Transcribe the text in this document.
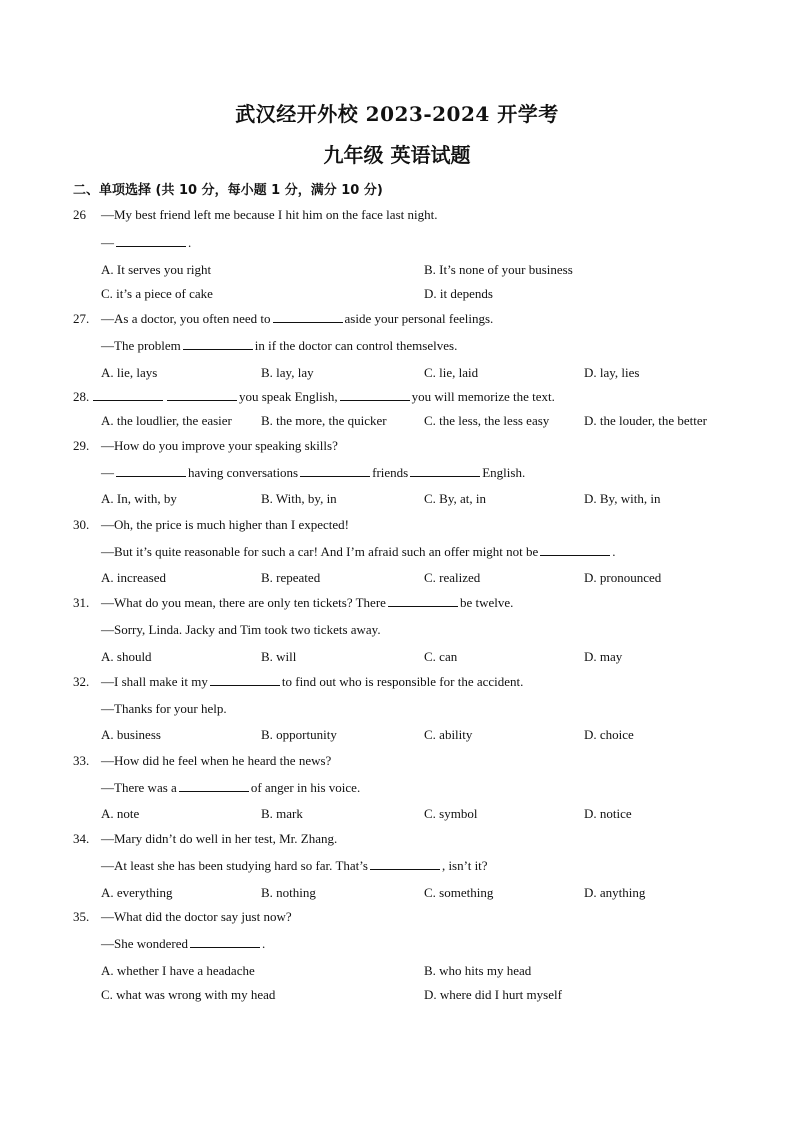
武汉经开外校 2023-2024 开学考
九年级 英语试题
二、单项选择 (共 10 分，每小题 1 分，满分 10 分)
26 —My best friend left me because I hit him on the face last night.
—	.
A. It serves you right	B. It’s none of your business
C. it’s a piece of cake	D. it depends
27. —As a doctor, you often need to	aside your personal feelings.
—The problem	in if the doctor can control themselves.
A. lie, lays	B. lay, lay	C. lie, laid	D. lay, lies
28.	you speak English,	you will memorize the text.
A. the loudlier, the easier B. the more, the quicker	C. the less, the less easy	D. the louder, the better
29. —How do you improve your speaking skills?
—	having conversations	friends	English.
A. In, with, by	B. With, by, in	C. By, at, in	D. By, with, in
30. —Oh, the price is much higher than I expected!
—But it’s quite reasonable for such a car! And I’m afraid such an offer might not be	.
A. increased	B. repeated	C. realized	D. pronounced
31. —What do you mean, there are only ten tickets? There	be twelve.
—Sorry, Linda. Jacky and Tim took two tickets away.
A. should	B. will	C. can	D. may
32. —I shall make it my	to find out who is responsible for the accident.
—Thanks for your help.
A. business	B. opportunity	C. ability	D. choice
33. —How did he feel when he heard the news?
—There was a	of anger in his voice.
A. note	B. mark	C. symbol	D. notice
34. —Mary didn’t do well in her test, Mr. Zhang.
—At least she has been studying hard so far. That’s	, isn’t it?
A. everything	B. nothing	C. something	D. anything
35. —What did the doctor say just now?
—She wondered	.
A. whether I have a headache	B. who hits my head
C. what was wrong with my head	D. where did I hurt myself
